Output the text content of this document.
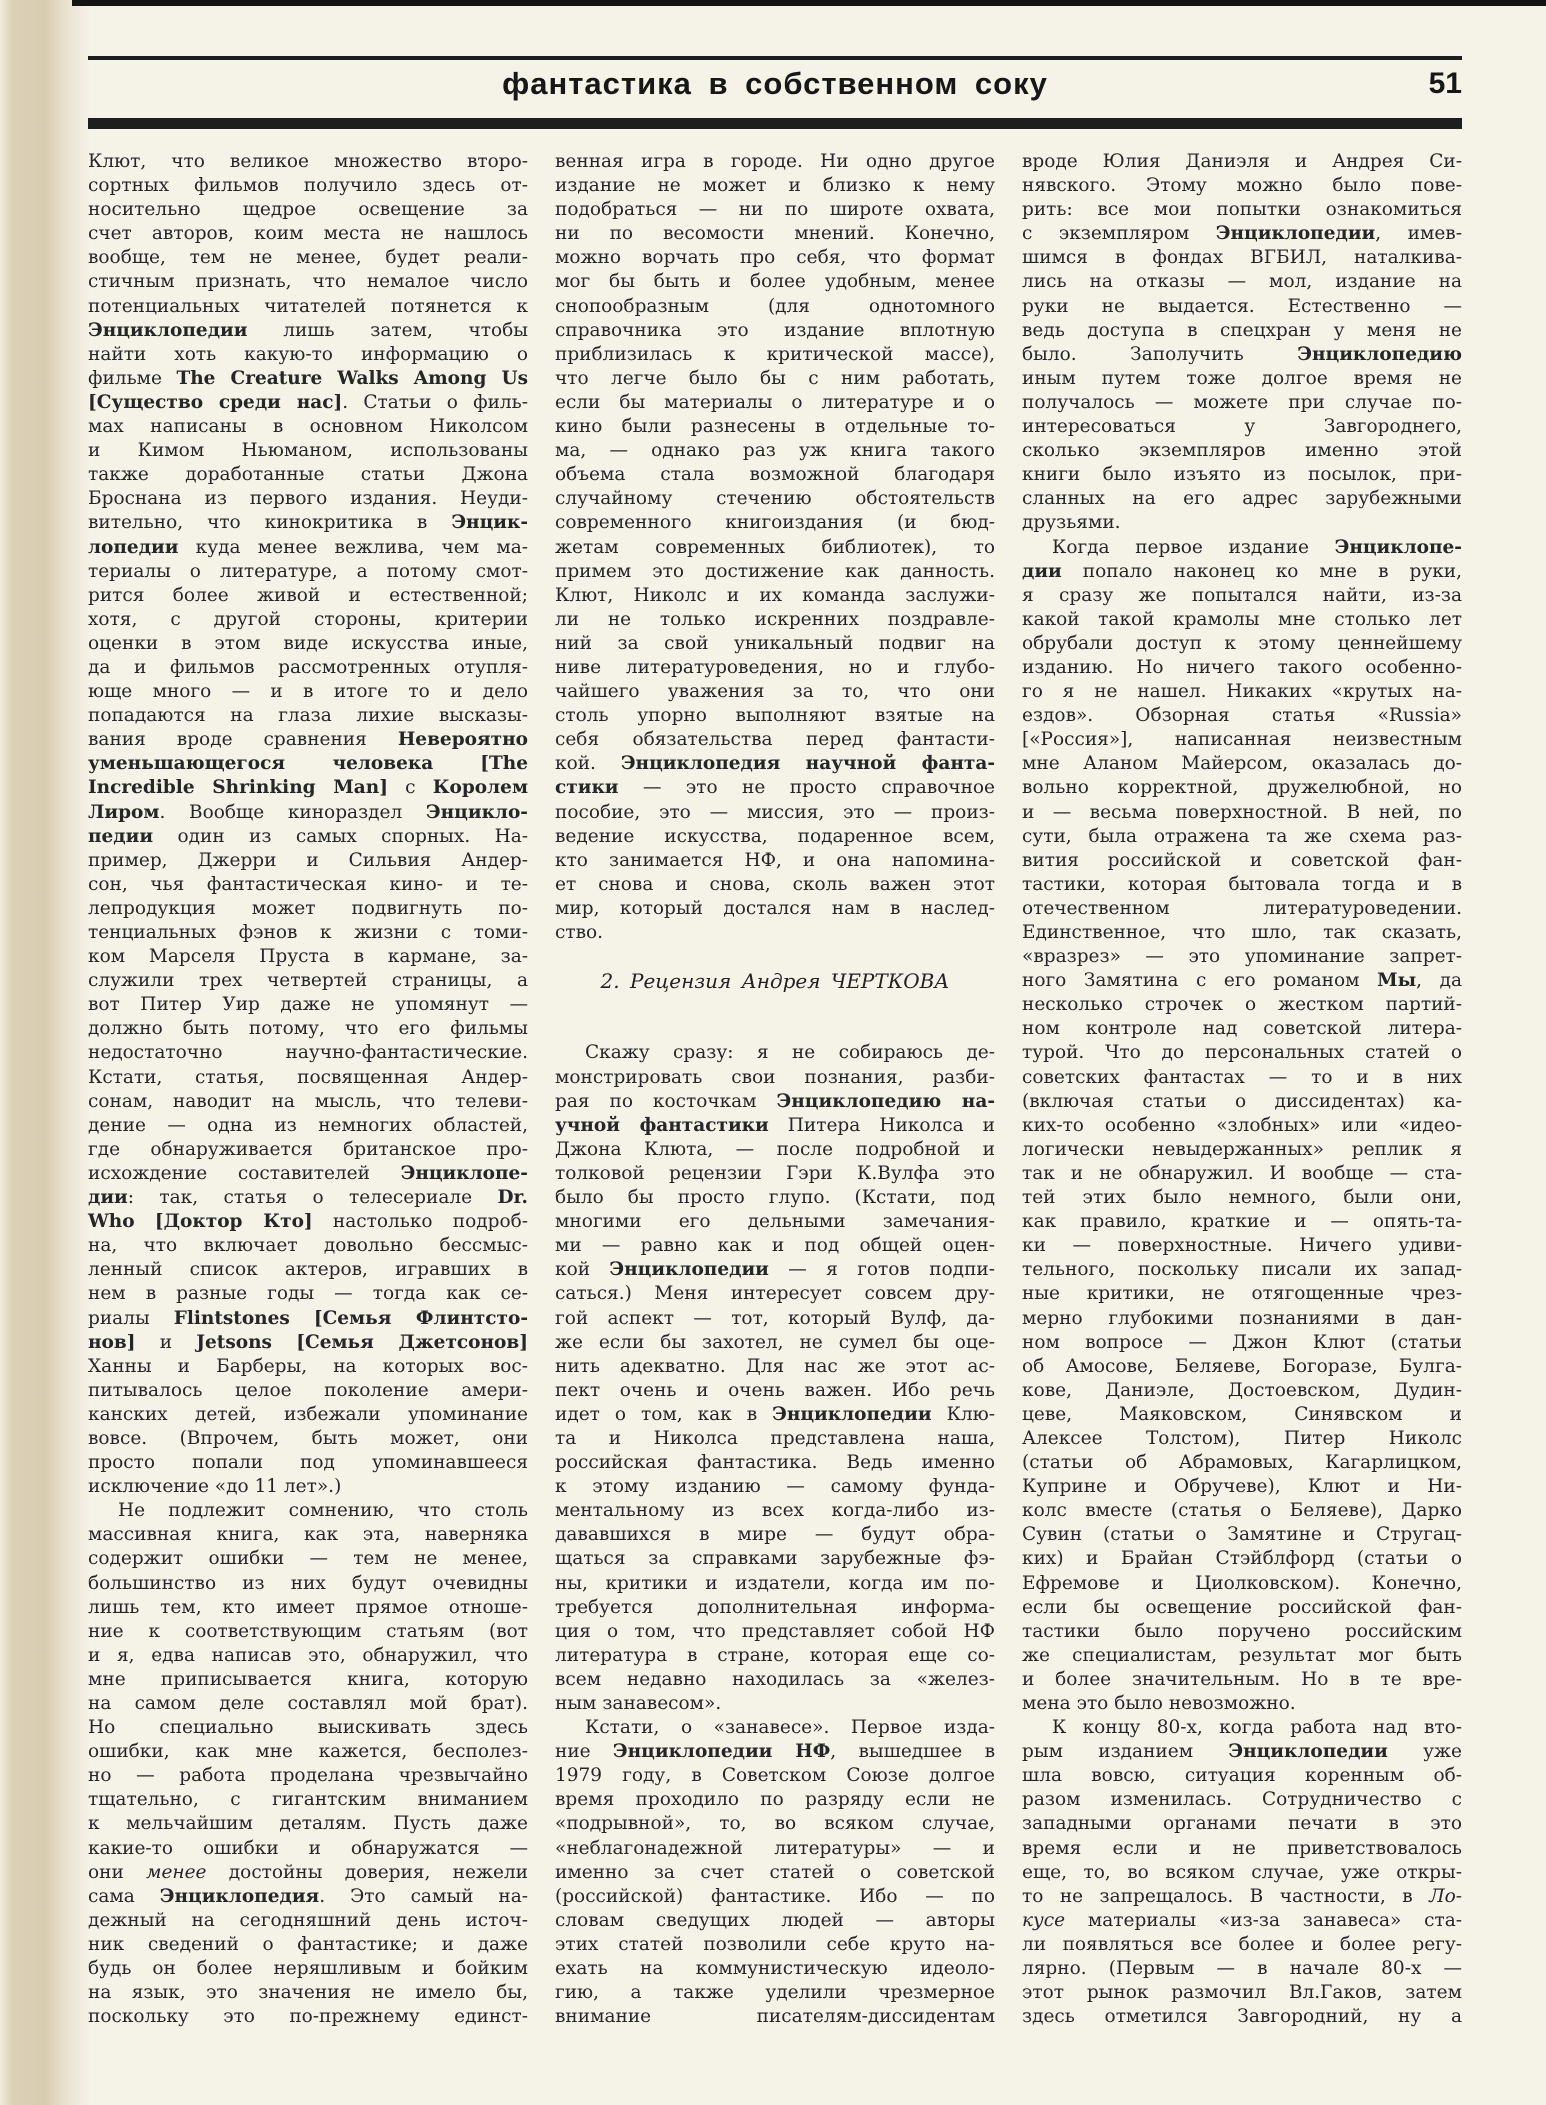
фантастика в собственном соку	51
Клют, что великое множество второ-
сортных фильмов получило здесь от-
носительно щедрое освещение за
счет авторов, коим места не нашлось
вообще, тем не менее, будет реали-
стичным признать, что немалое число
потенциальных читателей потянется к
Энциклопедии лишь затем, чтобы
найти хоть какую-то информацию о
фильме The Creature Walks Among Us
[Существо среди нас]. Статьи о филь-
мах написаны в основном Николсом
и Кимом Ньюманом, использованы
также доработанные статьи Джона
Броснана из первого издания. Неуди-
вительно, что кинокритика в Энцик-
лопедии куда менее вежлива, чем ма-
териалы о литературе, а потому смот-
рится более живой и естественной;
хотя, с другой стороны, критерии
оценки в этом виде искусства иные,
да и фильмов рассмотренных отупля-
юще много — и в итоге то и дело
попадаются на глаза лихие высказы-
вания вроде сравнения Невероятно
уменьшающегося человека	[The
Incredible Shrinking Man] с Королем
Лиром. Вообще кинораздел Энцикло-
педии один из самых спорных. На-
пример, Джерри и Сильвия Андер-
сон, чья фантастическая кино- и те-
лепродукция может подвигнуть по-
тенциальных фэнов к жизни с томи-
ком Марселя Пруста в кармане, за-
служили трех четвертей страницы, а
вот Питер Уир даже не упомянут —
должно быть потому, что его фильмы
недостаточно научно-фантастические.
Кстати, статья, посвященная Андер-
сонам, наводит на мысль, что телеви-
дение — одна из немногих областей,
где обнаруживается британское про-
исхождение составителей Энциклопе-
дии: так, статья о телесериале Dr.
Who [Доктор Кто] настолько подроб-
на, что включает довольно бессмыс-
ленный список актеров, игравших в
нем в разные годы — тогда как се-
риалы Flintstones [Семья Флинтсто-
нов] и Jetsons [Семья Джетсонов]
Ханны и Барберы, на которых вос-
питывалось целое поколение амери-
канских детей, избежали упоминание
вовсе. (Впрочем, быть может, они
просто попали под упоминавшееся
исключение «до 11 лет».)
Не подлежит сомнению, что столь
массивная книга, как эта, наверняка
содержит ошибки — тем не менее,
большинство из них будут очевидны
лишь тем, кто имеет прямое отноше-
ние к соответствующим статьям (вот
и я, едва написав это, обнаружил, что
мне приписывается книга, которую
на самом деле составлял мой брат).
Но специально выискивать здесь
ошибки, как мне кажется, бесполез-
но — работа проделана чрезвычайно
тщательно, с гигантским вниманием
к мельчайшим деталям. Пусть даже
какие-то ошибки и обнаружатся —
они менее достойны доверия, нежели
сама Энциклопедия. Это самый на-
дежный на сегодняшний день источ-
ник сведений о фантастике; и даже
будь он более неряшливым и бойким
на язык, это значения не имело бы,
поскольку это по-прежнему единст-
венная игра в городе. Ни одно другое
издание не может и близко к нему
подобраться — ни по широте охвата,
ни по весомости мнений. Конечно,
можно ворчать про себя, что формат
мог бы быть и более удобным, менее
снопообразным (для однотомного
справочника это издание вплотную
приблизилась к критической массе),
что легче было бы с ним работать,
если бы материалы о литературе и о
кино были разнесены в отдельные то-
ма, — однако раз уж книга такого
объема стала возможной благодаря
случайному стечению обстоятельств
современного книгоиздания (и бюд-
жетам современных библиотек), то
примем это достижение как данность.
Клют, Николс и их команда заслужи-
ли не только искренних поздравле-
ний за свой уникальный подвиг на
ниве литературоведения, но и глубо-
чайшего уважения за то, что они
столь упорно выполняют взятые на
себя обязательства перед фантасти-
кой. Энциклопедия научной фанта-
стики — это не просто справочное
пособие, это — миссия, это — произ-
ведение искусства, подаренное всем,
кто занимается НФ, и она напомина-
ет снова и снова, сколь важен этот
мир, который достался нам в наслед-
ство.
2. Рецензия Андрея ЧЕРТКОВА
Скажу сразу: я не собираюсь де-
монстрировать свои познания, разби-
рая по косточкам Энциклопедию на-
учной фантастики Питера Николса и
Джона Клюта, — после подробной и
толковой рецензии Гэри К.Вулфа это
было бы просто глупо. (Кстати, под
многими его дельными замечания-
ми — равно как и под общей оцен-
кой Энциклопедии — я готов подпи-
саться.) Меня интересует совсем дру-
гой аспект — тот, который Вулф, да-
же если бы захотел, не сумел бы оце-
нить адекватно. Для нас же этот ас-
пект очень и очень важен. Ибо речь
идет о том, как в Энциклопедии Клю-
та и Николса представлена наша,
российская фантастика. Ведь именно
к этому изданию — самому фунда-
ментальному из всех когда-либо из-
дававшихся в мире — будут обра-
щаться за справками зарубежные фэ-
ны, критики и издатели, когда им по-
требуется дополнительная информа-
ция о том, что представляет собой НФ
литература в стране, которая еще со-
всем недавно находилась за «желез-
ным занавесом».
Кстати, о «занавесе». Первое изда-
ние Энциклопедии НФ, вышедшее в
1979 году, в Советском Союзе долгое
время проходило по разряду если не
«подрывной», то, во всяком случае,
«неблагонадежной литературы» — и
именно за счет статей о советской
(российской) фантастике. Ибо — по
словам сведущих людей — авторы
этих статей позволили себе круто на-
ехать на коммунистическую идеоло-
гию, а также уделили чрезмерное
внимание писателям-диссидентам
вроде Юлия Даниэля и Андрея Си-
нявского. Этому можно было пове-
рить: все мои попытки ознакомиться
с экземпляром Энциклопедии, имев-
шимся в фондах ВГБИЛ, наталкива-
лись на отказы — мол, издание на
руки не выдается. Естественно —
ведь доступа в спецхран у меня не
было. Заполучить Энциклопедию
иным путем тоже долгое время не
получалось — можете при случае по-
интересоваться у Завгороднего,
сколько экземпляров именно этой
книги было изъято из посылок, при-
сланных на его адрес зарубежными
друзьями.
Когда первое издание Энциклопе-
дии попало наконец ко мне в руки,
я сразу же попытался найти, из-за
какой такой крамолы мне столько лет
обрубали доступ к этому ценнейшему
изданию. Но ничего такого особенно-
го я не нашел. Никаких «крутых на-
ездов». Обзорная статья «Russia»
[«Россия»], написанная неизвестным
мне Аланом Майерсом, оказалась до-
вольно корректной, дружелюбной, но
и — весьма поверхностной. В ней, по
сути, была отражена та же схема раз-
вития российской и советской фан-
тастики, которая бытовала тогда и в
отечественном литературоведении.
Единственное, что шло, так сказать,
«вразрез» — это упоминание запрет-
ного Замятина с его романом Мы, да
несколько строчек о жестком партий-
ном контроле над советской литера-
турой. Что до персональных статей о
советских фантастах — то и в них
(включая статьи о диссидентах) ка-
ких-то особенно «злобных» или «идео-
логически невыдержанных» реплик я
так и не обнаружил. И вообще — ста-
тей этих было немного, были они,
как правило, краткие и — опять-та-
ки — поверхностные. Ничего удиви-
тельного, поскольку писали их запад-
ные критики, не отягощенные чрез-
мерно глубокими познаниями в дан-
ном вопросе — Джон Клют (статьи
об Амосове, Беляеве, Богоразе, Булга-
кове, Даниэле, Достоевском, Дудин-
цеве, Маяковском, Синявском и
Алексее Толстом), Питер Николс
(статьи об Абрамовых, Кагарлицком,
Куприне и Обручеве), Клют и Ни-
колс вместе (статья о Беляеве), Дарко
Сувин (статьи о Замятине и Стругац-
ких) и Брайан Стэйблфорд (статьи о
Ефремове и Циолковском). Конечно,
если бы освещение российской фан-
тастики было поручено российским
же специалистам, результат мог быть
и более значительным. Но в те вре-
мена это было невозможно.
К концу 80-х, когда работа над вто-
рым изданием Энциклопедии уже
шла вовсю, ситуация коренным об-
разом изменилась. Сотрудничество с
западными органами печати в это
время если и не приветствовалось
еще, то, во всяком случае, уже откры-
то не запрещалось. В частности, в Ло-
кусе материалы «из-за занавеса» ста-
ли появляться все более и более регу-
лярно. (Первым — в начале 80-х —
этот рынок размочил Вл.Гаков, затем
здесь отметился Завгородний, ну а
